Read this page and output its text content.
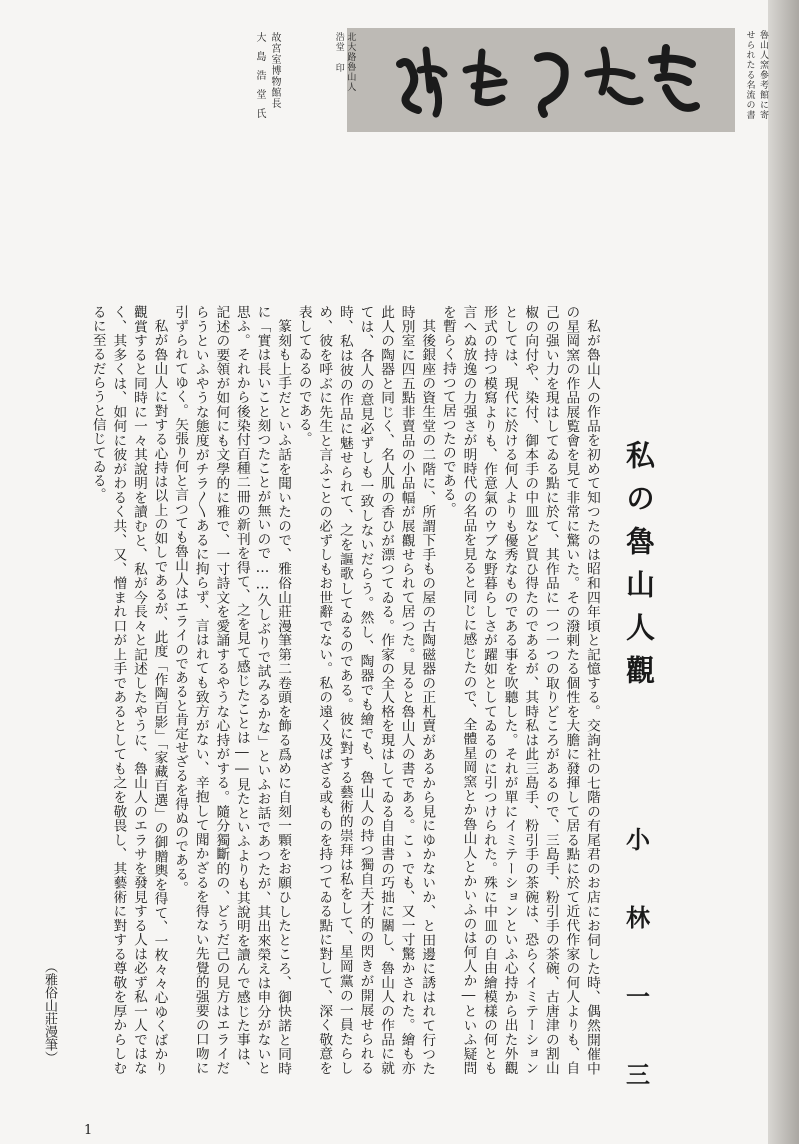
北大路魯山人
浩堂 印
故宮室博物館長
大島浩堂氏	魯山人窯參考館に寄
せられたる名流の書
私の魯山人觀
小
林
一
三

私が魯山人の作品を初めて知つたのは昭和四年頃と記憶する。交詢社の七階の有尾君のお店にお伺した時、偶然開催中の星岡窯の作品展覧會を見て非常に驚いた。その潑剌たる個性を大膽に發揮して居る點に於て近代作家の何人よりも、自己の强い力を現はしてゐる點に於て、其作品に一つ一つの取りどころがあるので、三島手、粉引手の茶碗、古唐津の割山椒の向付や、染付、御本手の中皿など買ひ得たのであるが、其時私は此三島手、粉引手の茶碗は、恐らくイミテーションとしては、現代に於ける何人よりも優秀なものである事を吹聽した。それが單にイミテーションといふ心持から出た外觀形式の持つ模寫よりも、作意氣のウブな野暮らしさが躍如としてゐるのに引つけられた。殊に中皿の自由繪模樣の何とも言へぬ放逸の力强さが明時代の名品を見ると同じに感じたので、全體星岡窯とか魯山人とかいふのは何人か―といふ疑問を暫らく持つて居つたのである。

其後銀座の資生堂の二階に、所謂下手もの屋の古陶磁器の正札賣があるから見にゆかないか、と田邊に誘はれて行つた時別室に四五點非賣品の小品幅が展觀せられて居つた。見ると魯山人の書である。こゝでも、又一寸驚かされた。繪も亦此人の陶器と同じく、名人肌の香ひが漂つてゐる。作家の全人格を現はしてゐる自由書の巧拙に關し、魯山人の作品に就ては、各人の意見必ずしも一致しないだらう。然し、陶器でも繪でも、魯山人の持つ獨自天才的の閃きが開展せられる時、私は彼の作品に魅せられて、之を謳歌してゐるのである。彼に對する藝術的崇拜は私をして、星岡黨の一員たらしめ、彼を呼ぶに先生と言ふことの必ずしもお世辭でない。私の遠く及ばざる或ものを持つてゐる點に對して、深く敬意を表してゐるのである。

篆刻も上手だといふ話を聞いたので、雅俗山莊漫筆第二卷頭を飾る爲めに自刻一顆をお願ひしたところ、御快諾と同時に「實は長いこと刻つたことが無いので……久しぶりで試みるかな」といふお話であつたが、其出來榮えは申分がないと思ふ。それから後染付百種二冊の新刊を得て、之を見て感じたことは――見たといふよりも其說明を讀んで感じた事は、記述の要領が如何にも文學的に雅で、一寸詩文を愛誦するやうな心持がする。隨分獨斷的の、どうだ己の見方はエライだらうといふやうな態度がチラ〳〵あるに拘らず、言はれても致方がない、辛抱して聞かざるを得ない先覺的强要の口吻に引ずられてゆく。矢張り何と言つても魯山人はエライのであると肯定せざるを得ぬのである。

私が魯山人に對する心持は以上の如しであるが、此度「作陶百影」「家藏百選」の御贈輿を得て、一枚々々心ゆくばかり觀賞すると同時に一々其說明を讀むと、私が今長々と記述したやうに、魯山人のエラサを發見する人は必ず私一人ではなく、其多くは、如何に彼がわるく共、又、憎まれ口が上手であるとしても之を敬畏し、其藝術に對する尊敬を厚からしむるに至るだらうと信じてゐる。

（雅俗山莊漫筆）
1
